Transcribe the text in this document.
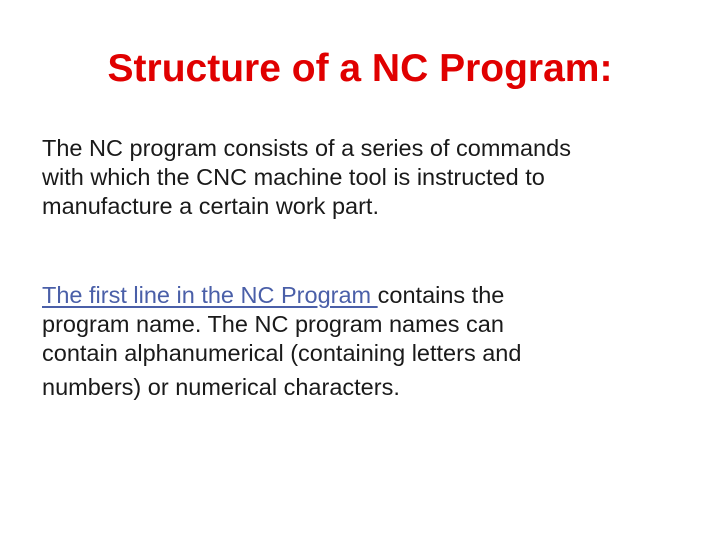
Structure of a NC Program:

The NC program consists of a series of commands
with which the CNC machine tool is instructed to
manufacture a certain work part.

The first line in the NC Program contains the
program name. The NC program names can
contain alphanumerical (containing letters and
numbers) or numerical characters.
